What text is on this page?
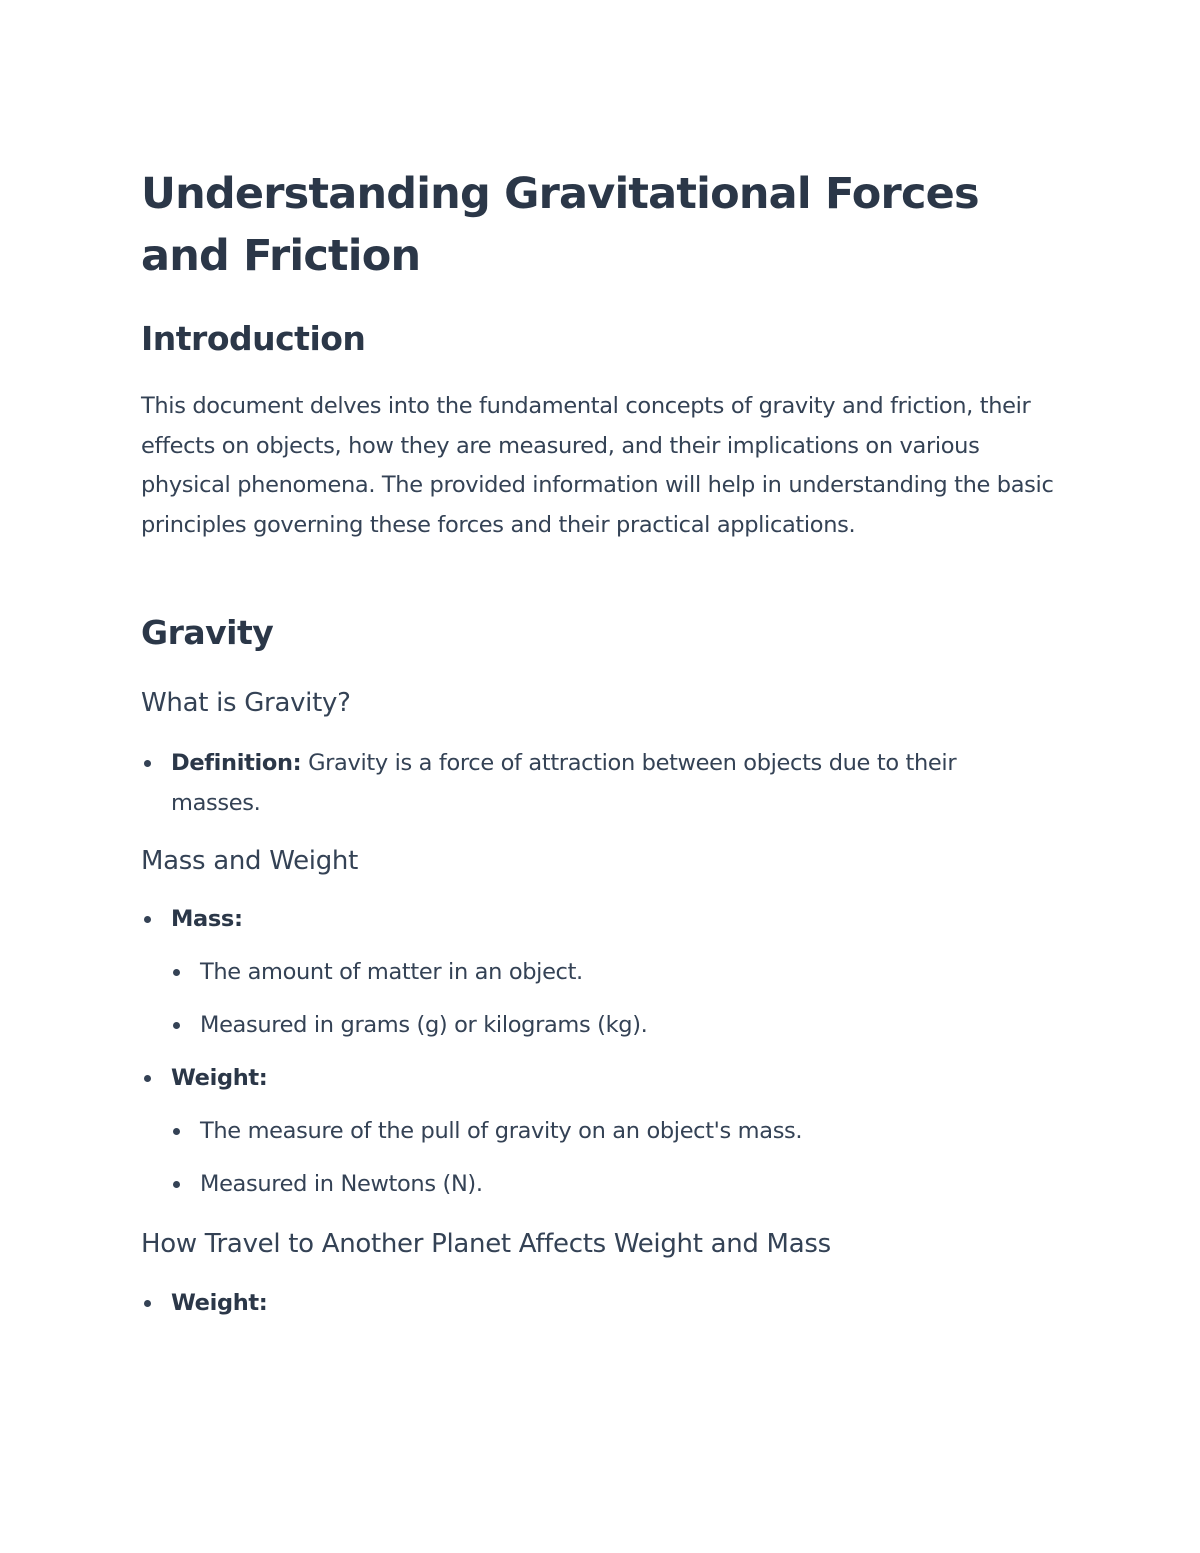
Understanding Gravitational Forces and Friction
Introduction

This document delves into the fundamental concepts of gravity and friction, their effects on objects, how they are measured, and their implications on various physical phenomena. The provided information will help in understanding the basic principles governing these forces and their practical applications.

Gravity
What is Gravity?
Definition: Gravity is a force of attraction between objects due to their masses.
Mass and Weight
Mass:
The amount of matter in an object.
Measured in grams (g) or kilograms (kg).
Weight:
The measure of the pull of gravity on an object's mass.
Measured in Newtons (N).
How Travel to Another Planet Affects Weight and Mass
Weight:
